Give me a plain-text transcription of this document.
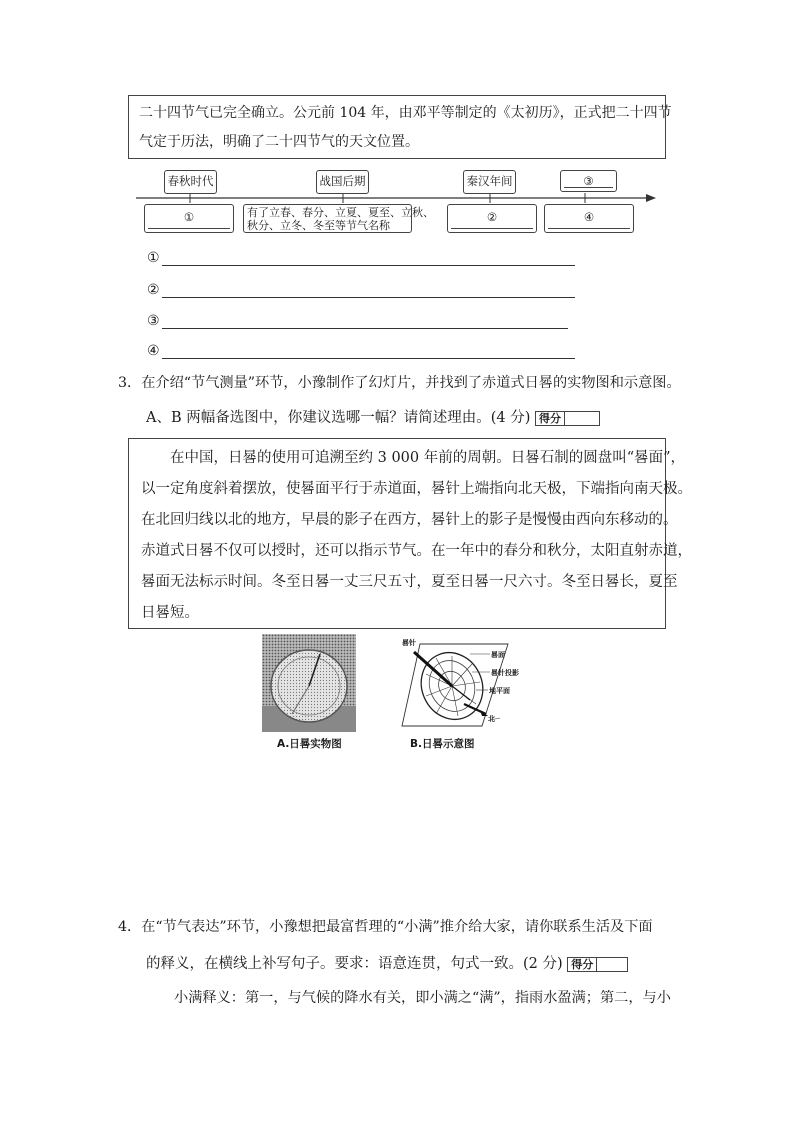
二十四节气已完全确立。公元前 104 年，由邓平等制定的《太初历》，正式把二十四节

气定于历法，明确了二十四节气的天文位置。

春秋时代	战国后期	秦汉年间	③
①	有了立春、春分、立夏、夏至、立秋、
秋分、立冬、冬至等节气名称
②	④
①
②
③
④
3．在介绍“节气测量”环节，小豫制作了幻灯片，并找到了赤道式日晷的实物图和示意图。
A、B 两幅备选图中，你建议选哪一幅？请简述理由。(4 分) 得分

在中国，日晷的使用可追溯至约 3 000 年前的周朝。日晷石制的圆盘叫“晷面”，

以一定角度斜着摆放，使晷面平行于赤道面，晷针上端指向北天极，下端指向南天极。

在北回归线以北的地方，早晨的影子在西方，晷针上的影子是慢慢由西向东移动的。

赤道式日晷不仅可以授时，还可以指示节气。在一年中的春分和秋分，太阳直射赤道，

晷面无法标示时间。冬至日晷一丈三尺五寸，夏至日晷一尺六寸。冬至日晷长，夏至

日晷短。

A.日晷实物图
晷针
晷面
晷针投影
地平面
北
B.日晷示意图
4．在“节气表达”环节，小豫想把最富哲理的“小满”推介给大家，请你联系生活及下面
的释义，在横线上补写句子。要求：语意连贯，句式一致。(2 分) 得分
小满释义：第一，与气候的降水有关，即小满之“满”，指雨水盈满；第二，与小
